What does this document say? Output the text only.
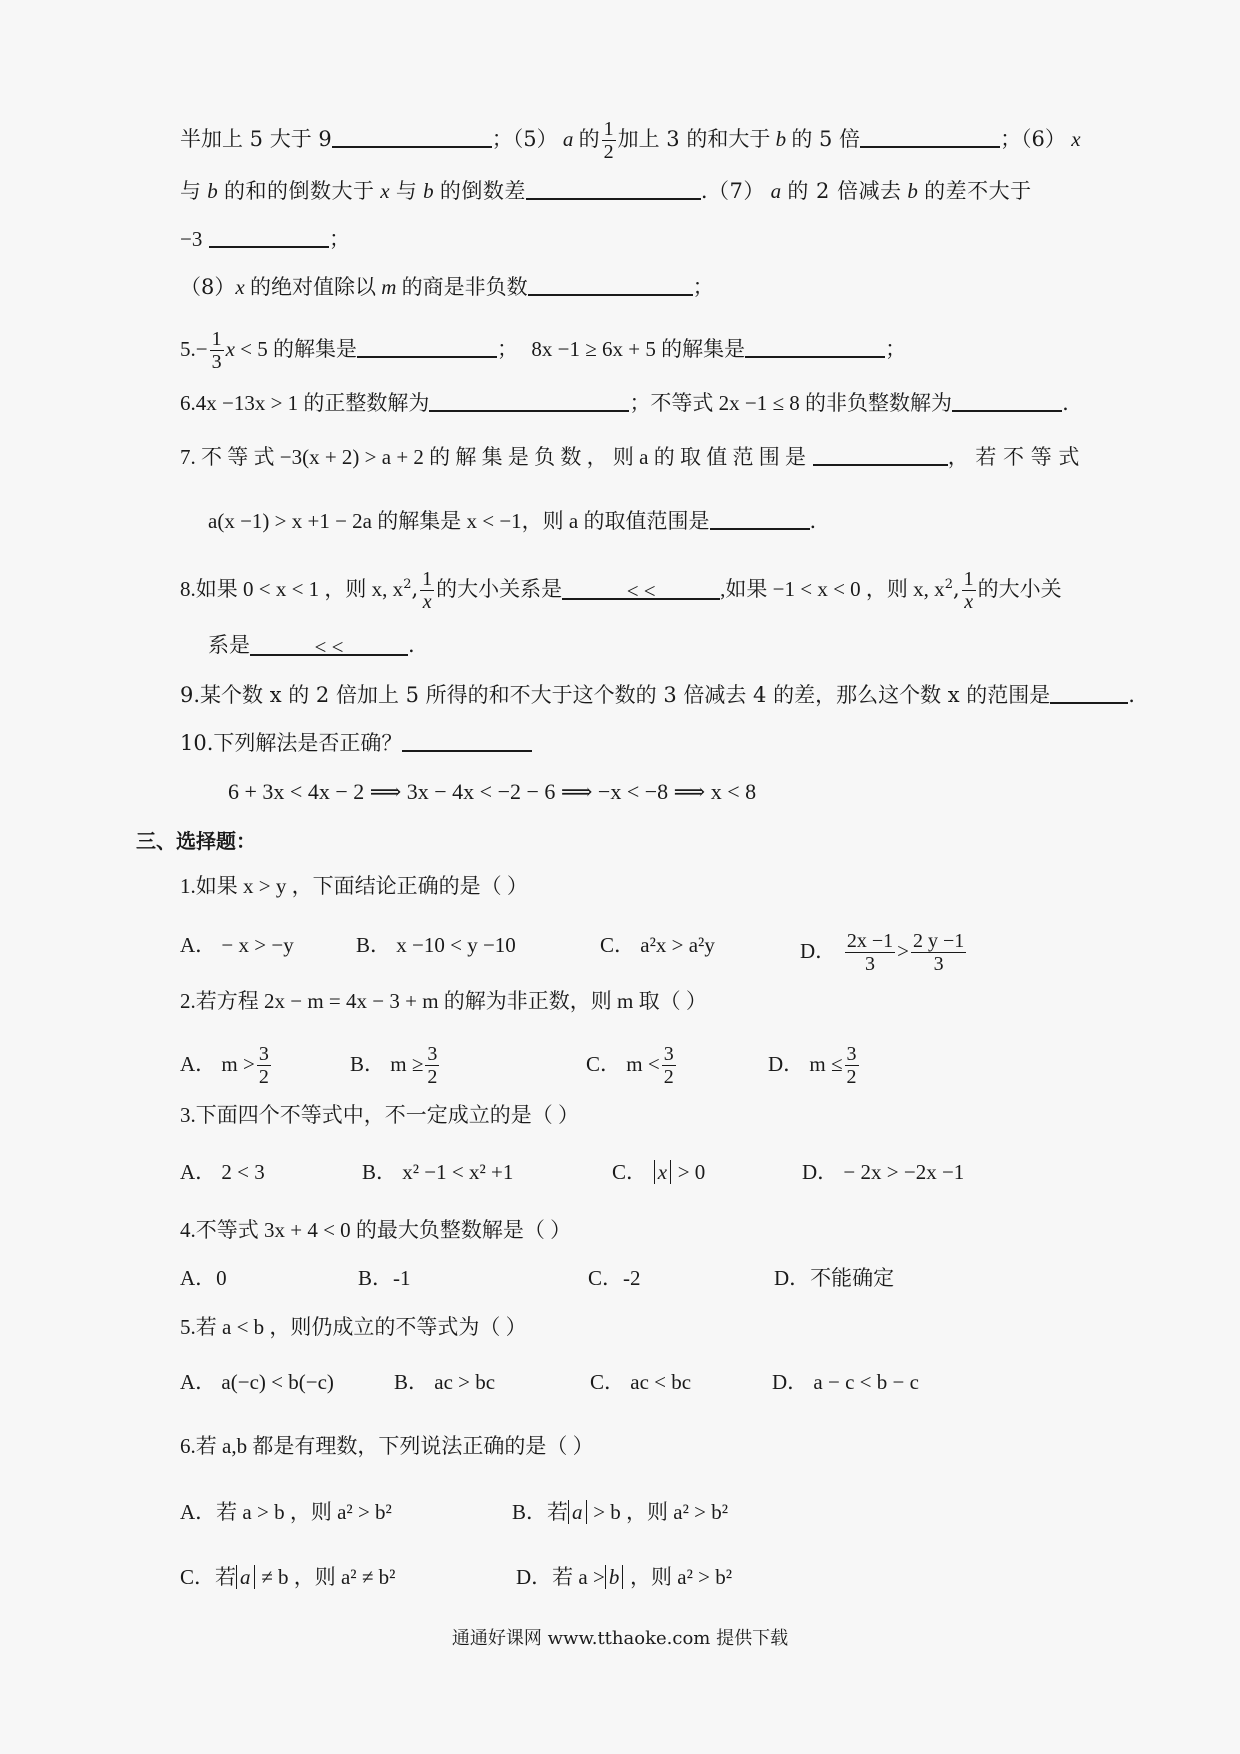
半加上 5 大于 9	；（5） a 的 $\frac{1}{2}$ 加上 3 的和大于 b 的 5 倍	；（6） x
与 b 的和的倒数大于 x 与 b 的倒数差	.（7） a 的 2 倍减去 b 的差不大于
−3	；
（8）x 的绝对值除以 m 的商是非负数	；
$5.- \frac{1}{3}$ x < 5 的解集是	； 8x −1 ≥ 6x + 5 的解集是	；
6.4x −13x > 1 的正整数解为	；不等式 2x −1 ≤ 8 的非负整数解为	.
7. 不 等 式 −3(x + 2) > a + 2 的 解 集 是 负 数 ， 则 a 的 取 值 范 围 是	， 若 不 等 式
a(x −1) > x +1 − 2a 的解集是 x < −1，则 a 的取值范围是	.
8.如果 0 < x < 1 ，则 x, $x^2$, $\frac{1}{x}$ 的大小关系是	< <	,如果 −1 < x < 0 ，则 x, $x^2$, $\frac{1}{x}$ 的大小关
系是	< <	.
9.某个数 x 的 2 倍加上 5 所得的和不大于这个数的 3 倍减去 4 的差，那么这个数 x 的范围是	.
10.下列解法是否正确？
6 + 3x < 4x − 2 ⟹ 3x − 4x < −2 − 6 ⟹ −x < −8 ⟹ x < 8
三、选择题：
1.如果 x > y ，下面结论正确的是（ ）
A． − x > −y	B． x −10 < y −10	C． a²x > a²y	D． $\frac{2x -1}{3} > \frac{2 y -1}{3}$
2.若方程 2x − m = 4x − 3 + m 的解为非正数，则 m 取（ ）
A． $m > \frac{3}{2}$	B． $m \ge \frac{3}{2}$	C． $m < \frac{3}{2}$	D． $m \le \frac{3}{2}$
3.下面四个不等式中，不一定成立的是（ ）
A． 2 < 3	B． x² −1 < x² +1	C． x > 0	D． − 2x > −2x −1
4.不等式 3x + 4 < 0 的最大负整数解是（ ）
A．0	B．-1	C．-2	D．不能确定
5.若 a < b ，则仍成立的不等式为（ ）
A． a(−c) < b(−c)	B． ac > bc	C． ac < bc	D． a − c < b − c
6.若 a,b 都是有理数，下列说法正确的是（ ）
A．若 a > b ，则 a² > b²	B．若 a > b ，则 a² > b²
C．若 a ≠ b ，则 a² ≠ b²	D．若 a > b ，则 a² > b²
通通好课网 www.tthaoke.com 提供下载
